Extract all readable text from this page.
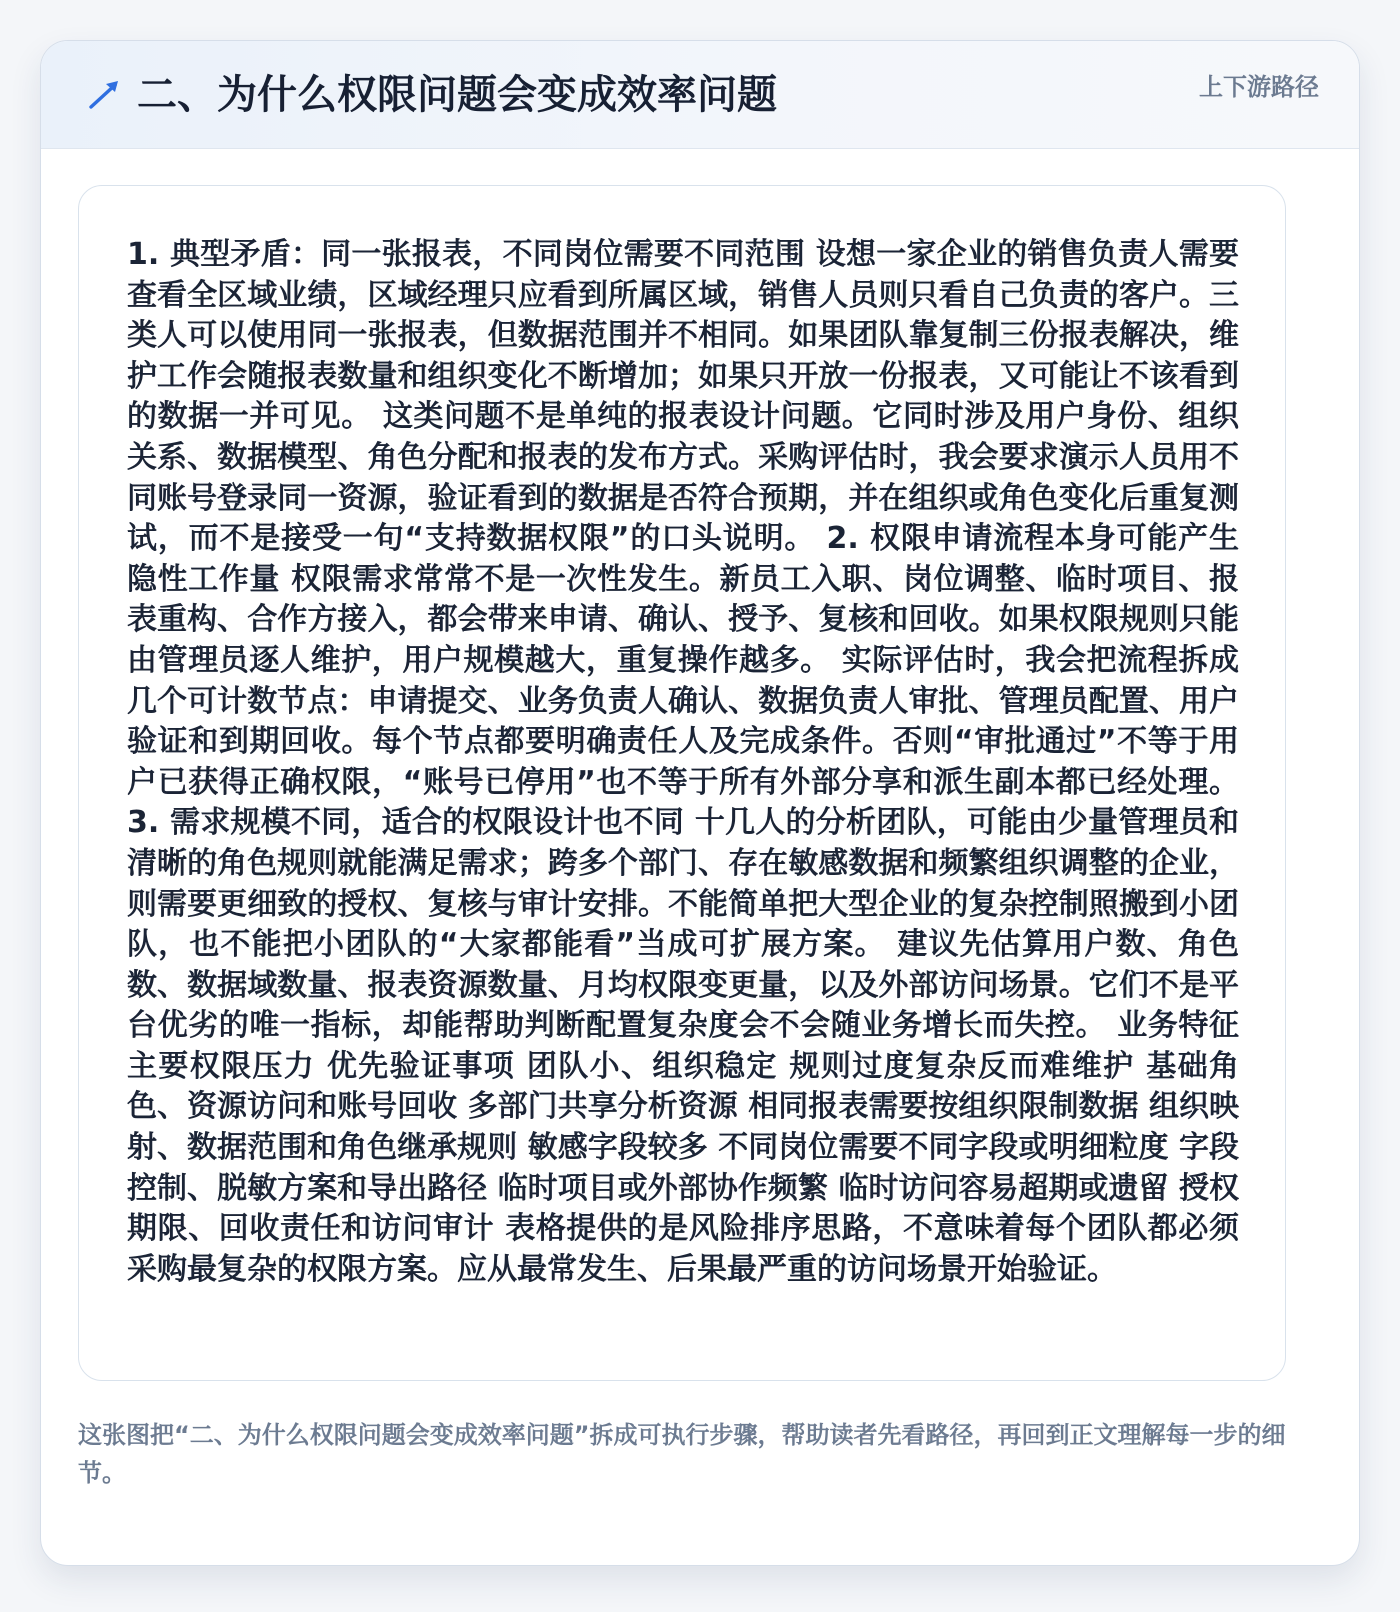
二、为什么权限问题会变成效率问题	上下游路径

1. 典型矛盾：同一张报表，不同岗位需要不同范围 设想一家企业的销售负责人需要查看全区域业绩，区域经理只应看到所属区域，销售人员则只看自己负责的客户。三类人可以使用同一张报表，但数据范围并不相同。如果团队靠复制三份报表解决，维护工作会随报表数量和组织变化不断增加；如果只开放一份报表，又可能让不该看到的数据一并可见。 这类问题不是单纯的报表设计问题。它同时涉及用户身份、组织关系、数据模型、角色分配和报表的发布方式。采购评估时，我会要求演示人员用不同账号登录同一资源，验证看到的数据是否符合预期，并在组织或角色变化后重复测试，而不是接受一句“支持数据权限”的口头说明。 2. 权限申请流程本身可能产生隐性工作量 权限需求常常不是一次性发生。新员工入职、岗位调整、临时项目、报表重构、合作方接入，都会带来申请、确认、授予、复核和回收。如果权限规则只能由管理员逐人维护，用户规模越大，重复操作越多。 实际评估时，我会把流程拆成几个可计数节点：申请提交、业务负责人确认、数据负责人审批、管理员配置、用户验证和到期回收。每个节点都要明确责任人及完成条件。否则“审批通过”不等于用户已获得正确权限，“账号已停用”也不等于所有外部分享和派生副本都已经处理。 3. 需求规模不同，适合的权限设计也不同 十几人的分析团队，可能由少量管理员和清晰的角色规则就能满足需求；跨多个部门、存在敏感数据和频繁组织调整的企业，则需要更细致的授权、复核与审计安排。不能简单把大型企业的复杂控制照搬到小团队，也不能把小团队的“大家都能看”当成可扩展方案。 建议先估算用户数、角色数、数据域数量、报表资源数量、月均权限变更量，以及外部访问场景。它们不是平台优劣的唯一指标，却能帮助判断配置复杂度会不会随业务增长而失控。 业务特征 主要权限压力 优先验证事项 团队小、组织稳定 规则过度复杂反而难维护 基础角色、资源访问和账号回收 多部门共享分析资源 相同报表需要按组织限制数据 组织映射、数据范围和角色继承规则 敏感字段较多 不同岗位需要不同字段或明细粒度 字段控制、脱敏方案和导出路径 临时项目或外部协作频繁 临时访问容易超期或遗留 授权期限、回收责任和访问审计 表格提供的是风险排序思路，不意味着每个团队都必须采购最复杂的权限方案。应从最常发生、后果最严重的访问场景开始验证。

这张图把“二、为什么权限问题会变成效率问题”拆成可执行步骤，帮助读者先看路径，再回到正文理解每一步的细节。
